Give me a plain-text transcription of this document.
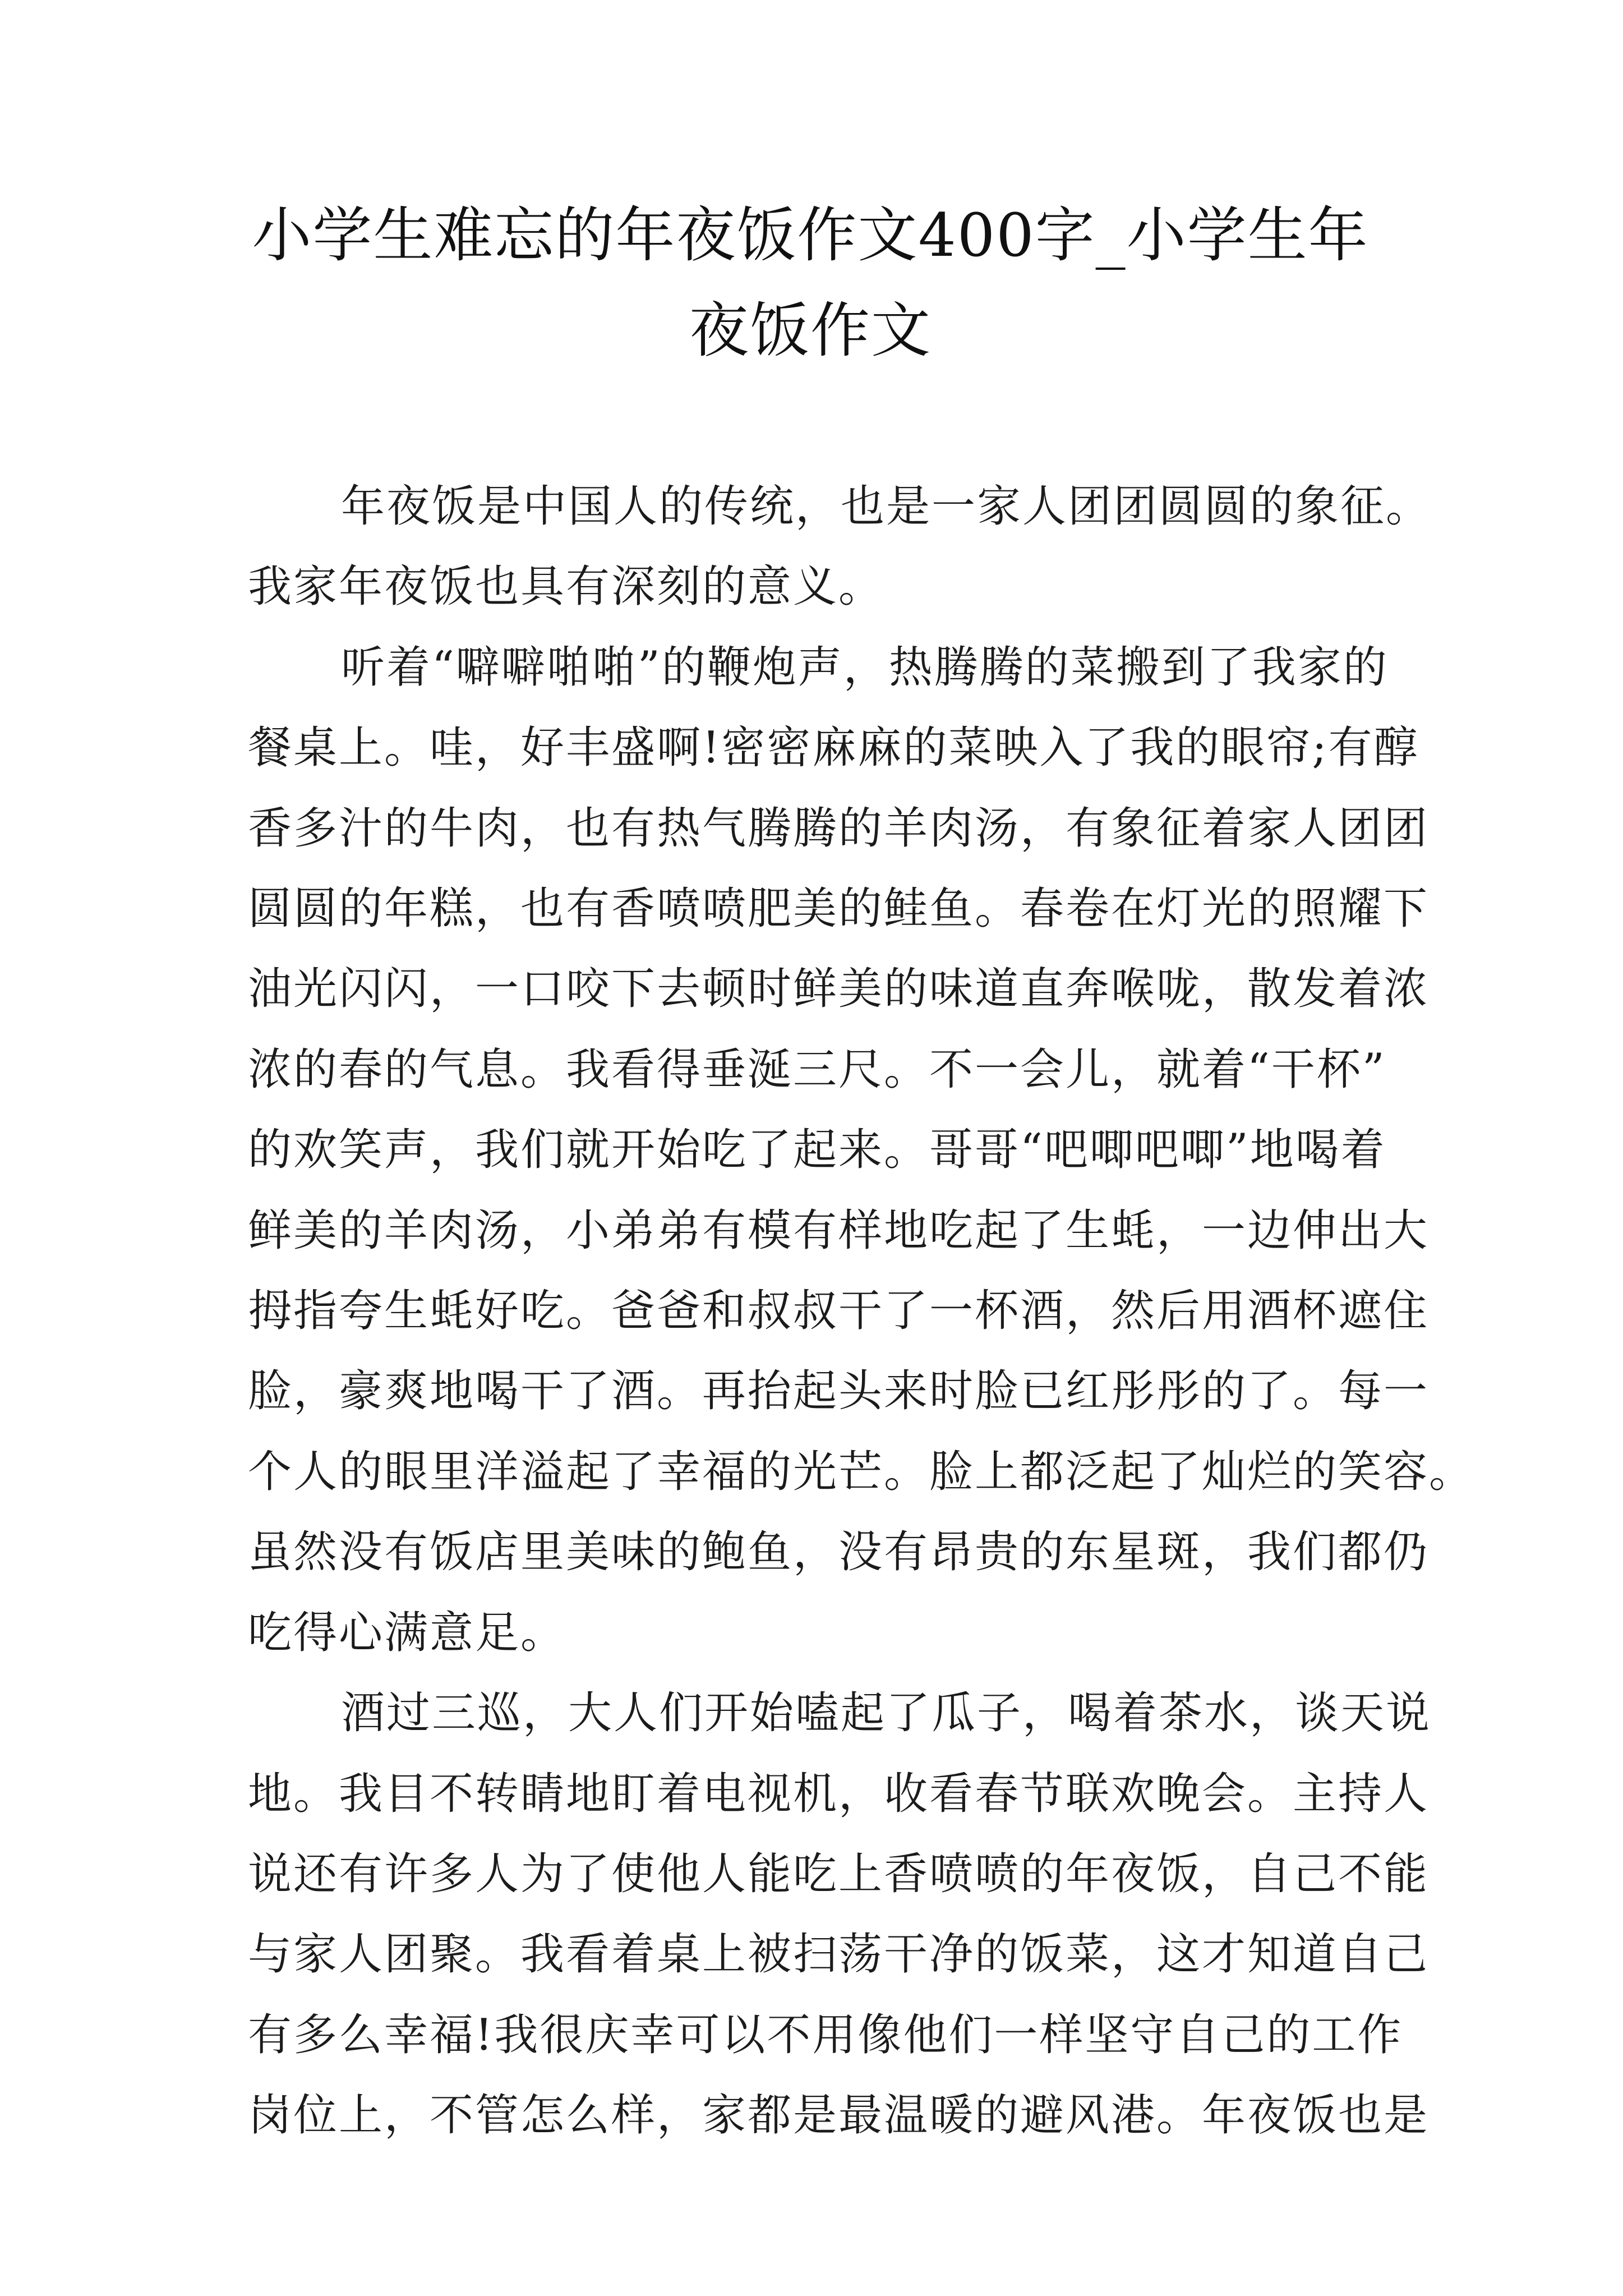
小学生难忘的年夜饭作文400字_小学生年
夜饭作文

年夜饭是中国人的传统，也是一家人团团圆圆的象征。
我家年夜饭也具有深刻的意义。

听着“噼噼啪啪”的鞭炮声，热腾腾的菜搬到了我家的
餐桌上。哇，好丰盛啊!密密麻麻的菜映入了我的眼帘;有醇
香多汁的牛肉，也有热气腾腾的羊肉汤，有象征着家人团团
圆圆的年糕，也有香喷喷肥美的鲑鱼。春卷在灯光的照耀下
油光闪闪，一口咬下去顿时鲜美的味道直奔喉咙，散发着浓
浓的春的气息。我看得垂涎三尺。不一会儿，就着“干杯”
的欢笑声，我们就开始吃了起来。哥哥“吧唧吧唧”地喝着
鲜美的羊肉汤，小弟弟有模有样地吃起了生蚝，一边伸出大
拇指夸生蚝好吃。爸爸和叔叔干了一杯酒，然后用酒杯遮住
脸，豪爽地喝干了酒。再抬起头来时脸已红彤彤的了。每一
个人的眼里洋溢起了幸福的光芒。脸上都泛起了灿烂的笑容。
虽然没有饭店里美味的鲍鱼，没有昂贵的东星斑，我们都仍
吃得心满意足。

酒过三巡，大人们开始嗑起了瓜子，喝着茶水，谈天说
地。我目不转睛地盯着电视机，收看春节联欢晚会。主持人
说还有许多人为了使他人能吃上香喷喷的年夜饭，自己不能
与家人团聚。我看着桌上被扫荡干净的饭菜，这才知道自己
有多么幸福!我很庆幸可以不用像他们一样坚守自己的工作
岗位上，不管怎么样，家都是最温暖的避风港。年夜饭也是
